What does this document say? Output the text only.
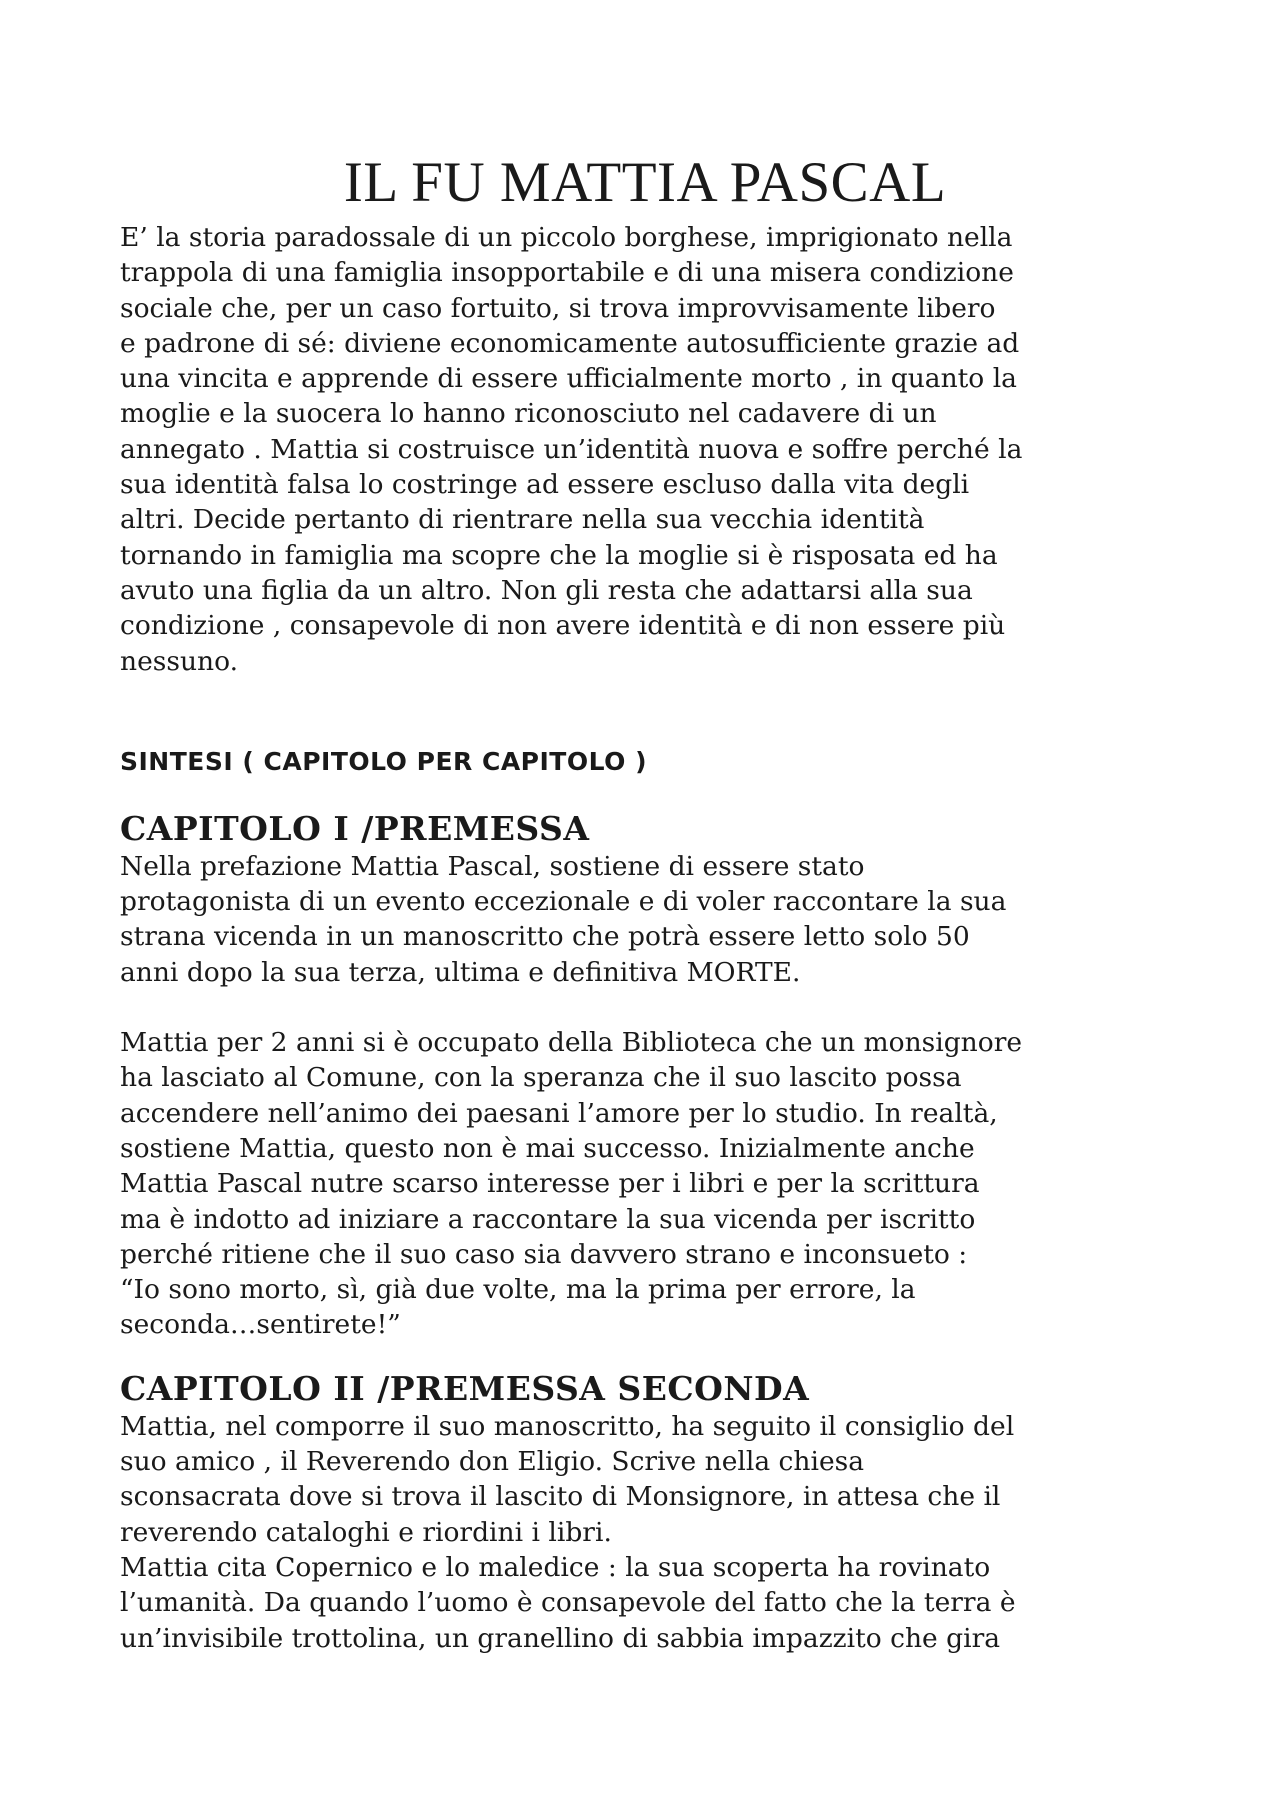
IL FU MATTIA PASCAL

E’ la storia paradossale di un piccolo borghese, imprigionato nella
trappola di una famiglia insopportabile e di una misera condizione
sociale che, per un caso fortuito, si trova improvvisamente libero
e padrone di sé: diviene economicamente autosufficiente grazie ad
una vincita e apprende di essere ufficialmente morto , in quanto la
moglie e la suocera lo hanno riconosciuto nel cadavere di un
annegato . Mattia si costruisce un’identità nuova e soffre perché la
sua identità falsa lo costringe ad essere escluso dalla vita degli
altri. Decide pertanto di rientrare nella sua vecchia identità
tornando in famiglia ma scopre che la moglie si è risposata ed ha
avuto una figlia da un altro. Non gli resta che adattarsi alla sua
condizione , consapevole di non avere identità e di non essere più
nessuno.

SINTESI ( CAPITOLO PER CAPITOLO )
CAPITOLO I /PREMESSA

Nella prefazione Mattia Pascal, sostiene di essere stato
protagonista di un evento eccezionale e di voler raccontare la sua
strana vicenda in un manoscritto che potrà essere letto solo 50
anni dopo la sua terza, ultima e definitiva MORTE.

Mattia per 2 anni si è occupato della Biblioteca che un monsignore
ha lasciato al Comune, con la speranza che il suo lascito possa
accendere nell’animo dei paesani l’amore per lo studio. In realtà,
sostiene Mattia, questo non è mai successo. Inizialmente anche
Mattia Pascal nutre scarso interesse per i libri e per la scrittura
ma è indotto ad iniziare a raccontare la sua vicenda per iscritto
perché ritiene che il suo caso sia davvero strano e inconsueto :
“Io sono morto, sì, già due volte, ma la prima per errore, la
seconda…sentirete!”

CAPITOLO II /PREMESSA SECONDA

Mattia, nel comporre il suo manoscritto, ha seguito il consiglio del
suo amico , il Reverendo don Eligio. Scrive nella chiesa
sconsacrata dove si trova il lascito di Monsignore, in attesa che il
reverendo cataloghi e riordini i libri.
Mattia cita Copernico e lo maledice : la sua scoperta ha rovinato
l’umanità. Da quando l’uomo è consapevole del fatto che la terra è
un’invisibile trottolina, un granellino di sabbia impazzito che gira
